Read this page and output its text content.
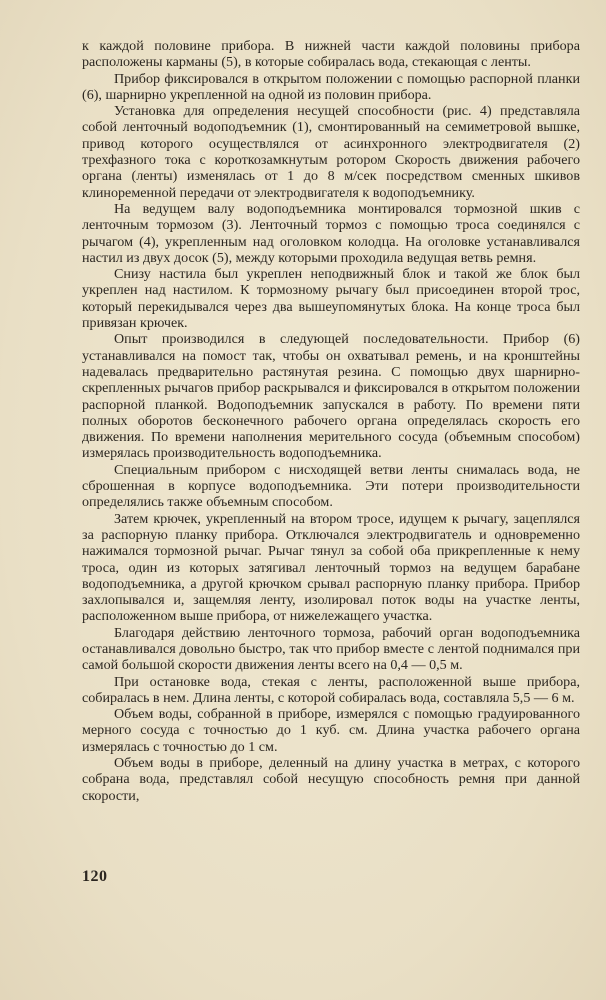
к каждой половине прибора. В нижней части каждой половины прибора расположены карманы (5), в которые собиралась вода, стекающая с ленты.

Прибор фиксировался в открытом положении с помощью распорной планки (6), шарнирно укрепленной на одной из половин прибора.

Установка для определения несущей способности (рис. 4) представляла собой ленточный водоподъемник (1), смонтированный на семиметровой вышке, привод которого осуществлялся от асинхронного электродвигателя (2) трехфазного тока с короткозамкнутым ротором Скорость движения рабочего органа (ленты) изменялась от 1 до 8 м/сек посредством сменных шкивов клиноременной передачи от электродвигателя к водоподъемнику.

На ведущем валу водоподъемника монтировался тормозной шкив с ленточным тормозом (3). Ленточный тормоз с помощью троса соединялся с рычагом (4), укрепленным над оголовком колодца. На оголовке устанавливался настил из двух досок (5), между которыми проходила ведущая ветвь ремня.

Снизу настила был укреплен неподвижный блок и такой же блок был укреплен над настилом. К тормозному рычагу был присоединен второй трос, который перекидывался через два вышеупомянутых блока. На конце троса был привязан крючек.

Опыт производился в следующей последовательности. Прибор (6) устанавливался на помост так, чтобы он охватывал ремень, и на кронштейны надевалась предварительно растянутая резина. С помощью двух шарнирно-скрепленных рычагов прибор раскрывался и фиксировался в открытом положении распорной планкой. Водоподъемник запускался в работу. По времени пяти полных оборотов бесконечного рабочего органа определялась скорость его движения. По времени наполнения мерительного сосуда (объемным способом) измерялась производительность водоподъемника.

Специальным прибором с нисходящей ветви ленты снималась вода, не сброшенная в корпусе водоподъемника. Эти потери производительности определялись также объемным способом.

Затем крючек, укрепленный на втором тросе, идущем к рычагу, зацеплялся за распорную планку прибора. Отключался электродвигатель и одновременно нажимался тормозной рычаг. Рычаг тянул за собой оба прикрепленные к нему троса, один из которых затягивал ленточный тормоз на ведущем барабане водоподъемника, а другой крючком срывал распорную планку прибора. Прибор захлопывался и, защемляя ленту, изолировал поток воды на участке ленты, расположенном выше прибора, от нижележащего участка.

Благодаря действию ленточного тормоза, рабочий орган водоподъемника останавливался довольно быстро, так что прибор вместе с лентой поднимался при самой большой скорости движения ленты всего на 0,4 — 0,5 м.

При остановке вода, стекая с ленты, расположенной выше прибора, собиралась в нем. Длина ленты, с которой собиралась вода, составляла 5,5 — 6 м.

Объем воды, собранной в приборе, измерялся с помощью градуированного мерного сосуда с точностью до 1 куб. см. Длина участка рабочего органа измерялась с точностью до 1 см.

Объем воды в приборе, деленный на длину участка в метрах, с которого собрана вода, представлял собой несущую способность ремня при данной скорости,

120
